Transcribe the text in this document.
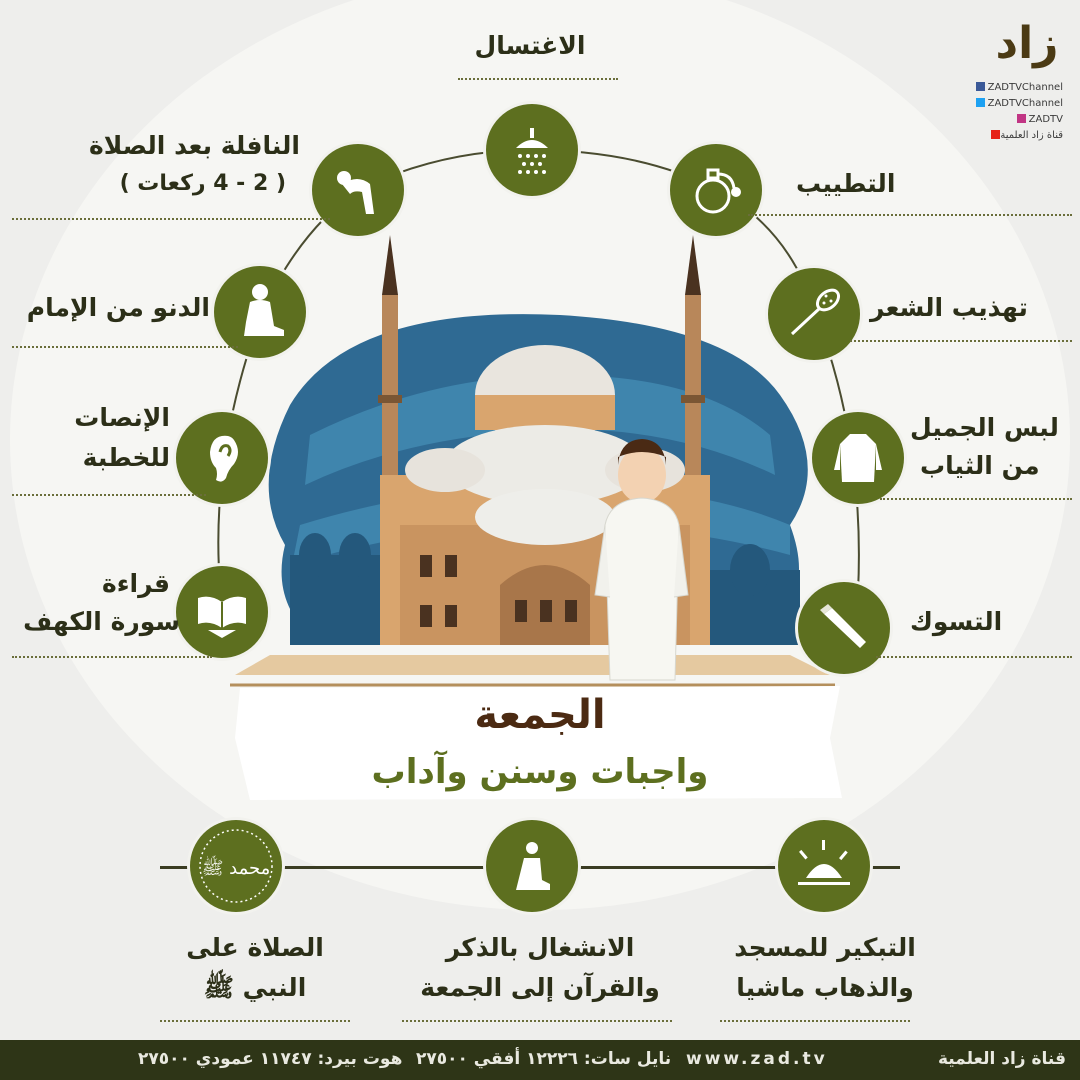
زاد
ZADTVChannel
ZADTVChannel
ZADTV
قناة زاد العلمية
الاغتسال
التطييب
تهذيب الشعر
لبس الجميل
من الثياب
التسوك
النافلة بعد الصلاة
( 2 - 4 ركعات )
الدنو من الإمام
الإنصات
للخطبة
قراءة
سورة الكهف
الجمعة
واجبات وسنن وآداب
محمد ﷺ
الصلاة على
النبي ﷺ
الانشغال بالذكر
والقرآن إلى الجمعة
التبكير للمسجد
والذهاب ماشيا
قناة زاد العلمية
www.zad.tv
نايل سات: ١٢٢٢٦ أفقي ٢٧٥٠٠
هوت بيرد: ١١٧٤٧ عمودي ٢٧٥٠٠
